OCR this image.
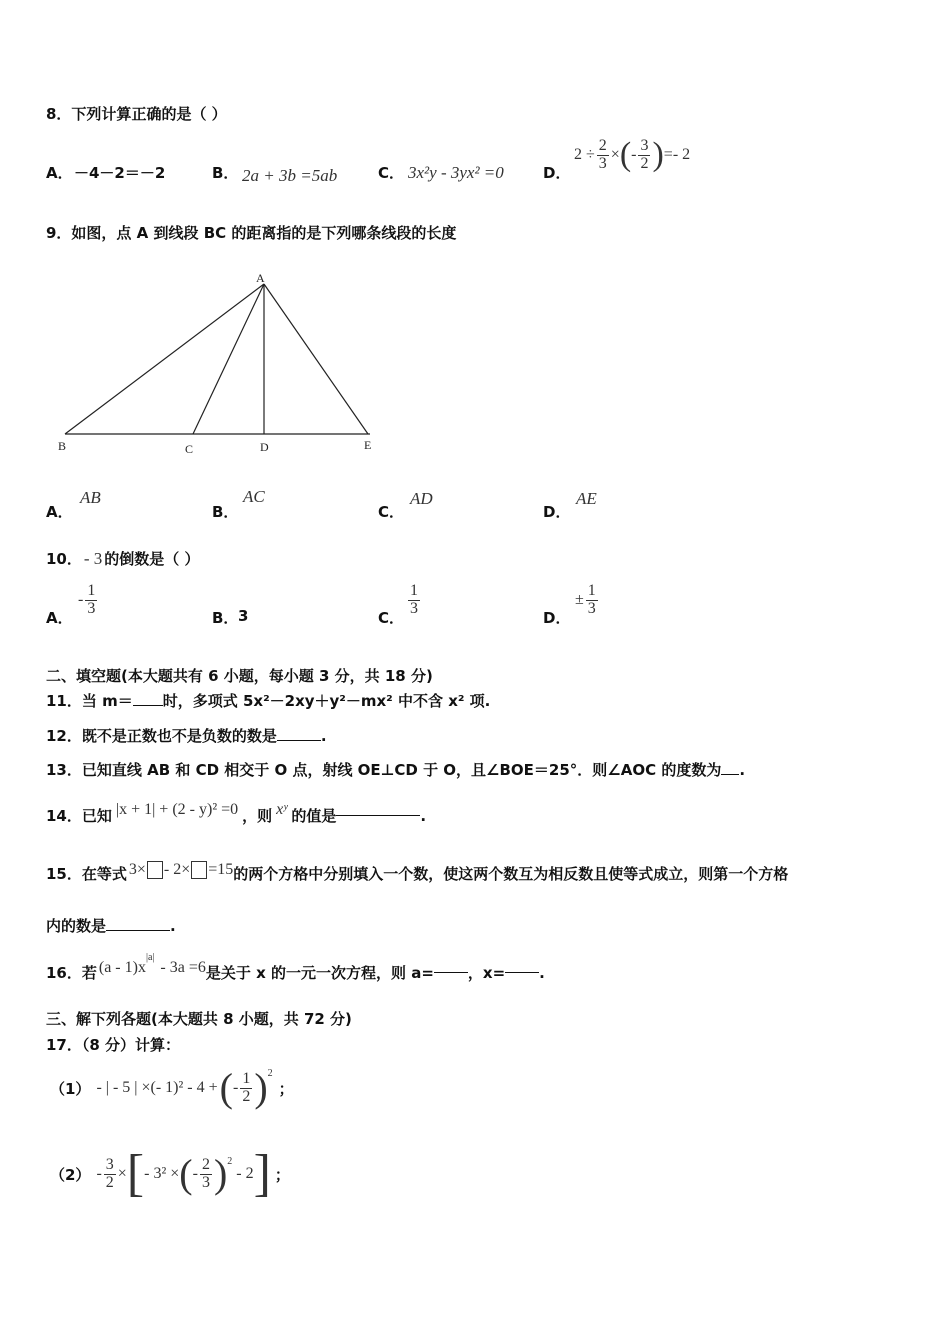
8．下列计算正确的是（ ）
A． －4－2＝－2	B． 2a + 3b =5ab	C． 3x²y - 3yx² =0	D．
$2 \div \frac{2}{3}$ × ( - $\frac{3}{2}$ ) =- 2
9．如图，点 A 到线段 BC 的距离指的是下列哪条线段的长度
A
B	C	D	E
A．
AB
B．
AC
C．
AD
D．
AE
10． - 3 的倒数是（ ）
A．
- $\frac{1}{3}$
B． 3	C．
$\frac{1}{3}$
D．
± $\frac{1}{3}$
二、填空题(本大题共有 6 小题，每小题 3 分，共 18 分)
11．当 m＝ 时，多项式 5x²－2xy＋y²－mx² 中不含 x² 项.
12．既不是正数也不是负数的数是	.
13．已知直线 AB 和 CD 相交于 O 点，射线 OE⊥CD 于 O，且∠BOE＝25°．则∠AOC 的度数为 .
14．已知 |x + 1| + (2 - y)² =0 ，则 xʸ 的值是	.
15．在等式 3× - 2× =15 的两个方格中分别填入一个数，使这两个数互为相反数且使等式成立，则第一个方格
内的数是	.
16．若 (a - 1)x
|a|
- 3a =6 是关于 x 的一元一次方程，则 a= ，x= .
三、解下列各题(本大题共 8 小题，共 72 分)
17．（8 分）计算：
（1） - | - 5 | ×(- 1)² - 4 + ( - $\frac{1}{2}$ ) 2
；
$(2) - \frac{3}{2}$ × [ - 3² × ( - $\frac{2}{3}$ ) 2
- 2 ] ；
